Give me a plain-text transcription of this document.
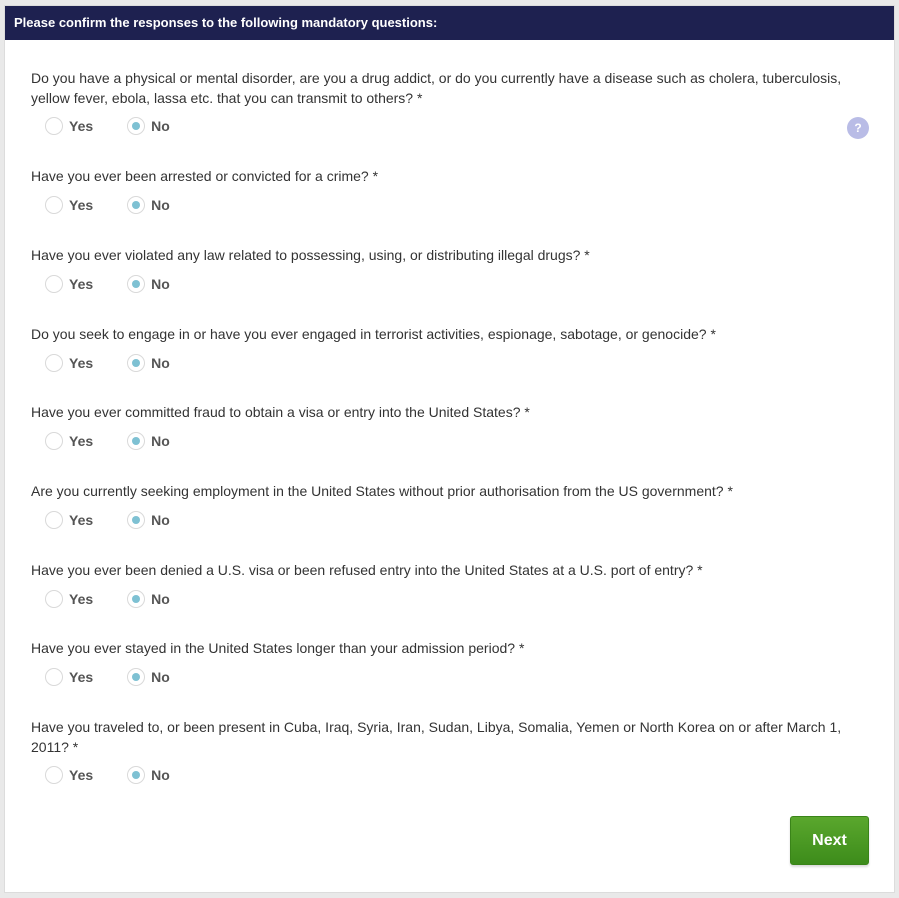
Please confirm the responses to the following mandatory questions:
Do you have a physical or mental disorder, are you a drug addict, or do you currently have a disease such as cholera, tuberculosis, yellow fever, ebola, lassa etc. that you can transmit to others? *
Yes	No
Have you ever been arrested or convicted for a crime? *
Yes	No
Have you ever violated any law related to possessing, using, or distributing illegal drugs? *
Yes	No
Do you seek to engage in or have you ever engaged in terrorist activities, espionage, sabotage, or genocide? *
Yes	No
Have you ever committed fraud to obtain a visa or entry into the United States? *
Yes	No
Are you currently seeking employment in the United States without prior authorisation from the US government? *
Yes	No
Have you ever been denied a U.S. visa or been refused entry into the United States at a U.S. port of entry? *
Yes	No
Have you ever stayed in the United States longer than your admission period? *
Yes	No
Have you traveled to, or been present in Cuba, Iraq, Syria, Iran, Sudan, Libya, Somalia, Yemen or North Korea on or after March 1, 2011? *
Yes	No
?
Next
